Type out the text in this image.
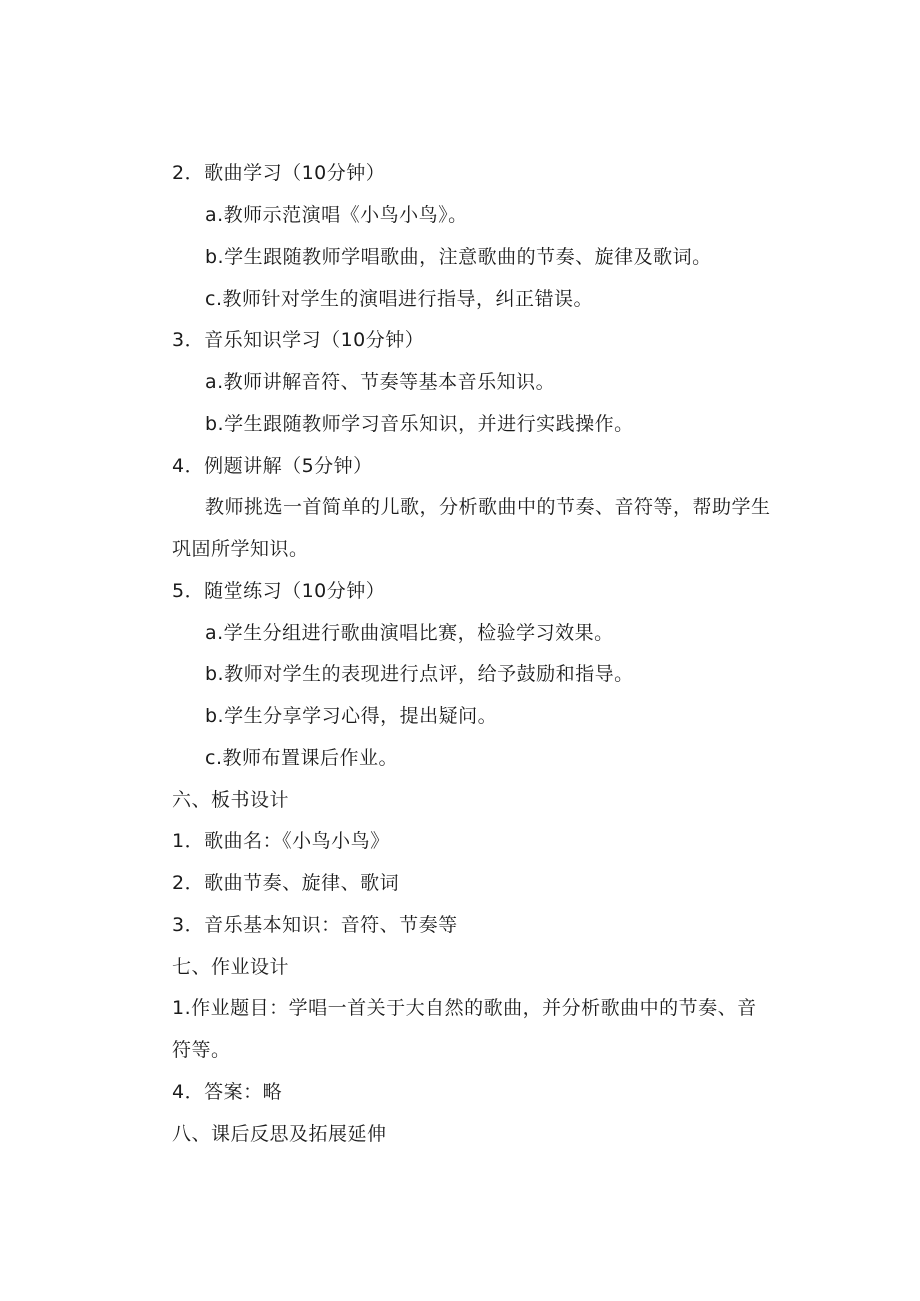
2．歌曲学习（10分钟）
a.教师示范演唱《小鸟小鸟》。
b.学生跟随教师学唱歌曲，注意歌曲的节奏、旋律及歌词。
c.教师针对学生的演唱进行指导，纠正错误。
3．音乐知识学习（10分钟）
a.教师讲解音符、节奏等基本音乐知识。
b.学生跟随教师学习音乐知识，并进行实践操作。
4．例题讲解（5分钟）
教师挑选一首简单的儿歌，分析歌曲中的节奏、音符等，帮助学生
巩固所学知识。
5．随堂练习（10分钟）
a.学生分组进行歌曲演唱比赛，检验学习效果。
b.教师对学生的表现进行点评，给予鼓励和指导。
b.学生分享学习心得，提出疑问。
c.教师布置课后作业。
六、板书设计
1．歌曲名：《小鸟小鸟》
2．歌曲节奏、旋律、歌词
3．音乐基本知识：音符、节奏等
七、作业设计
1.作业题目：学唱一首关于大自然的歌曲，并分析歌曲中的节奏、音
符等。
4．答案：略
八、课后反思及拓展延伸
